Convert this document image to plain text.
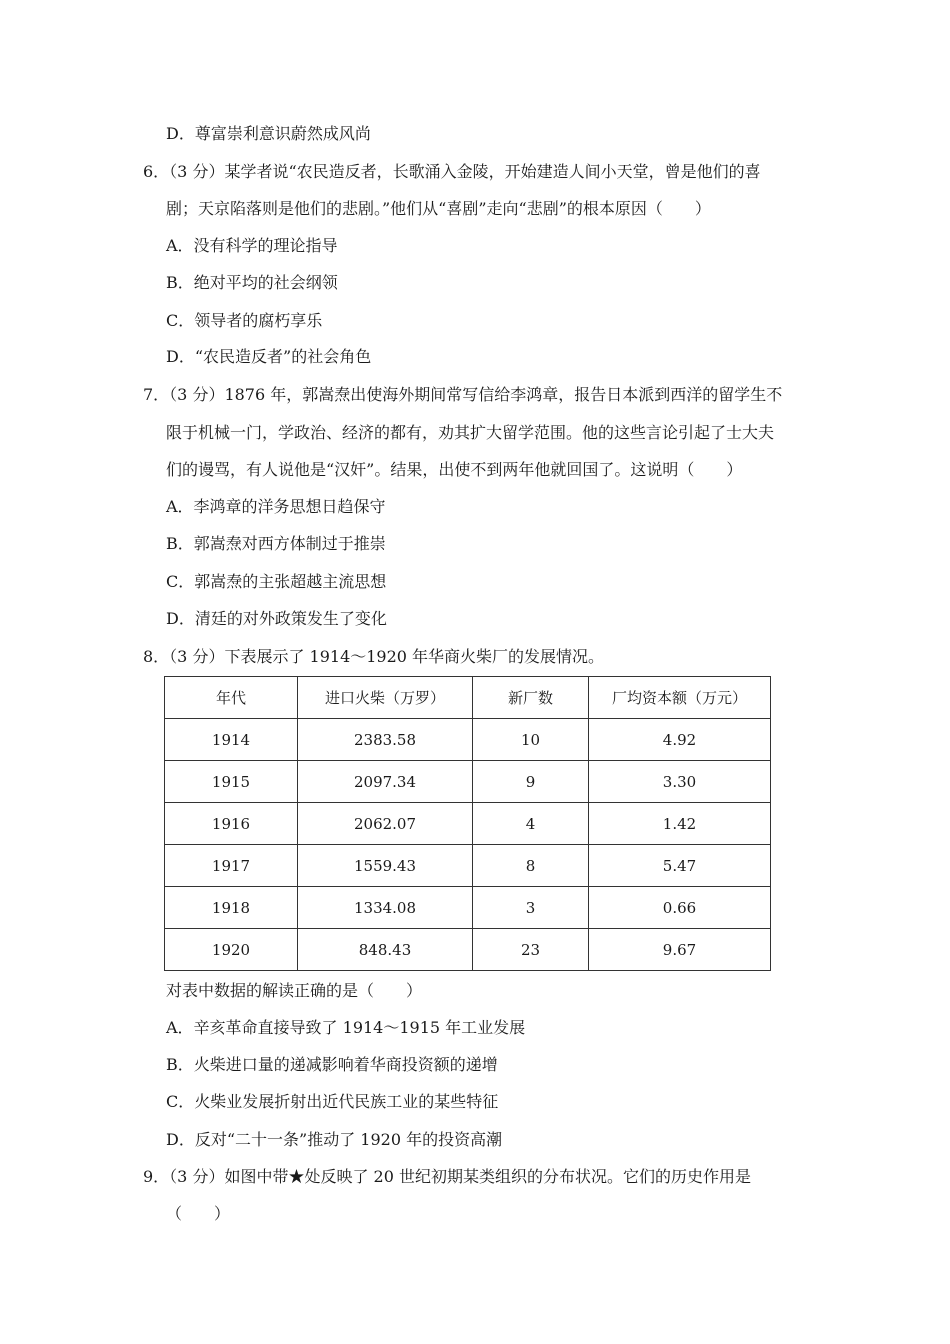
D．尊富崇利意识蔚然成风尚
6．（3 分）某学者说“农民造反者，长歌涌入金陵，开始建造人间小天堂，曾是他们的喜
剧；天京陷落则是他们的悲剧。”他们从“喜剧”走向“悲剧”的根本原因（　　）
A．没有科学的理论指导
B．绝对平均的社会纲领
C．领导者的腐朽享乐
D．“农民造反者”的社会角色
7．（3 分）1876 年，郭嵩焘出使海外期间常写信给李鸿章，报告日本派到西洋的留学生不
限于机械一门，学政治、经济的都有，劝其扩大留学范围。他的这些言论引起了士大夫
们的谩骂，有人说他是“汉奸”。结果，出使不到两年他就回国了。这说明（　　）
A．李鸿章的洋务思想日趋保守
B．郭嵩焘对西方体制过于推崇
C．郭嵩焘的主张超越主流思想
D．清廷的对外政策发生了变化
8．（3 分）下表展示了 1914～1920 年华商火柴厂的发展情况。
年代	进口火柴（万罗）	新厂数	厂均资本额（万元）
1914	2383.58	10	4.92
1915	2097.34	9	3.30
1916	2062.07	4	1.42
1917	1559.43	8	5.47
1918	1334.08	3	0.66
1920	848.43	23	9.67
对表中数据的解读正确的是（　　）
A．辛亥革命直接导致了 1914～1915 年工业发展
B．火柴进口量的递减影响着华商投资额的递增
C．火柴业发展折射出近代民族工业的某些特征
D．反对“二十一条”推动了 1920 年的投资高潮
9．（3 分）如图中带★处反映了 20 世纪初期某类组织的分布状况。它们的历史作用是
（　　）
